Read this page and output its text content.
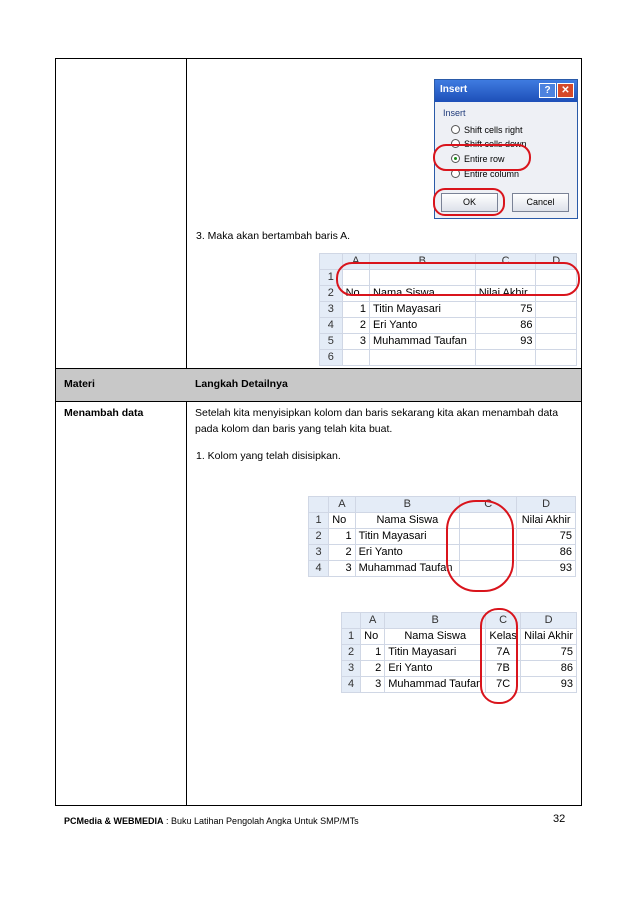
Materi	Langkah Detailnya
Insert	?	✕
Insert
Shift cells right
Shift cells down
Entire row
Entire column
OK	Cancel
3. Maka akan bertambah baris A.
	A	B	C	D
1				
2	No	Nama Siswa	Nilai Akhir	
3	1	Titin Mayasari	75	
4	2	Eri Yanto	86	
5	3	Muhammad Taufan	93	
6				
Menambah data	Setelah kita menyisipkan kolom dan baris sekarang kita akan menambah data
pada kolom dan baris yang telah kita buat.
1. Kolom yang telah disisipkan.
	A	B	C	D
1	No	Nama Siswa		Nilai Akhir
2	1	Titin Mayasari		75
3	2	Eri Yanto		86
4	3	Muhammad Taufan		93
	A	B	C	D
1	No	Nama Siswa	Kelas	Nilai Akhir
2	1	Titin Mayasari	7A	75
3	2	Eri Yanto	7B	86
4	3	Muhammad Taufan	7C	93
PCMedia & WEBMEDIA : Buku Latihan Pengolah Angka Untuk SMP/MTs	32
